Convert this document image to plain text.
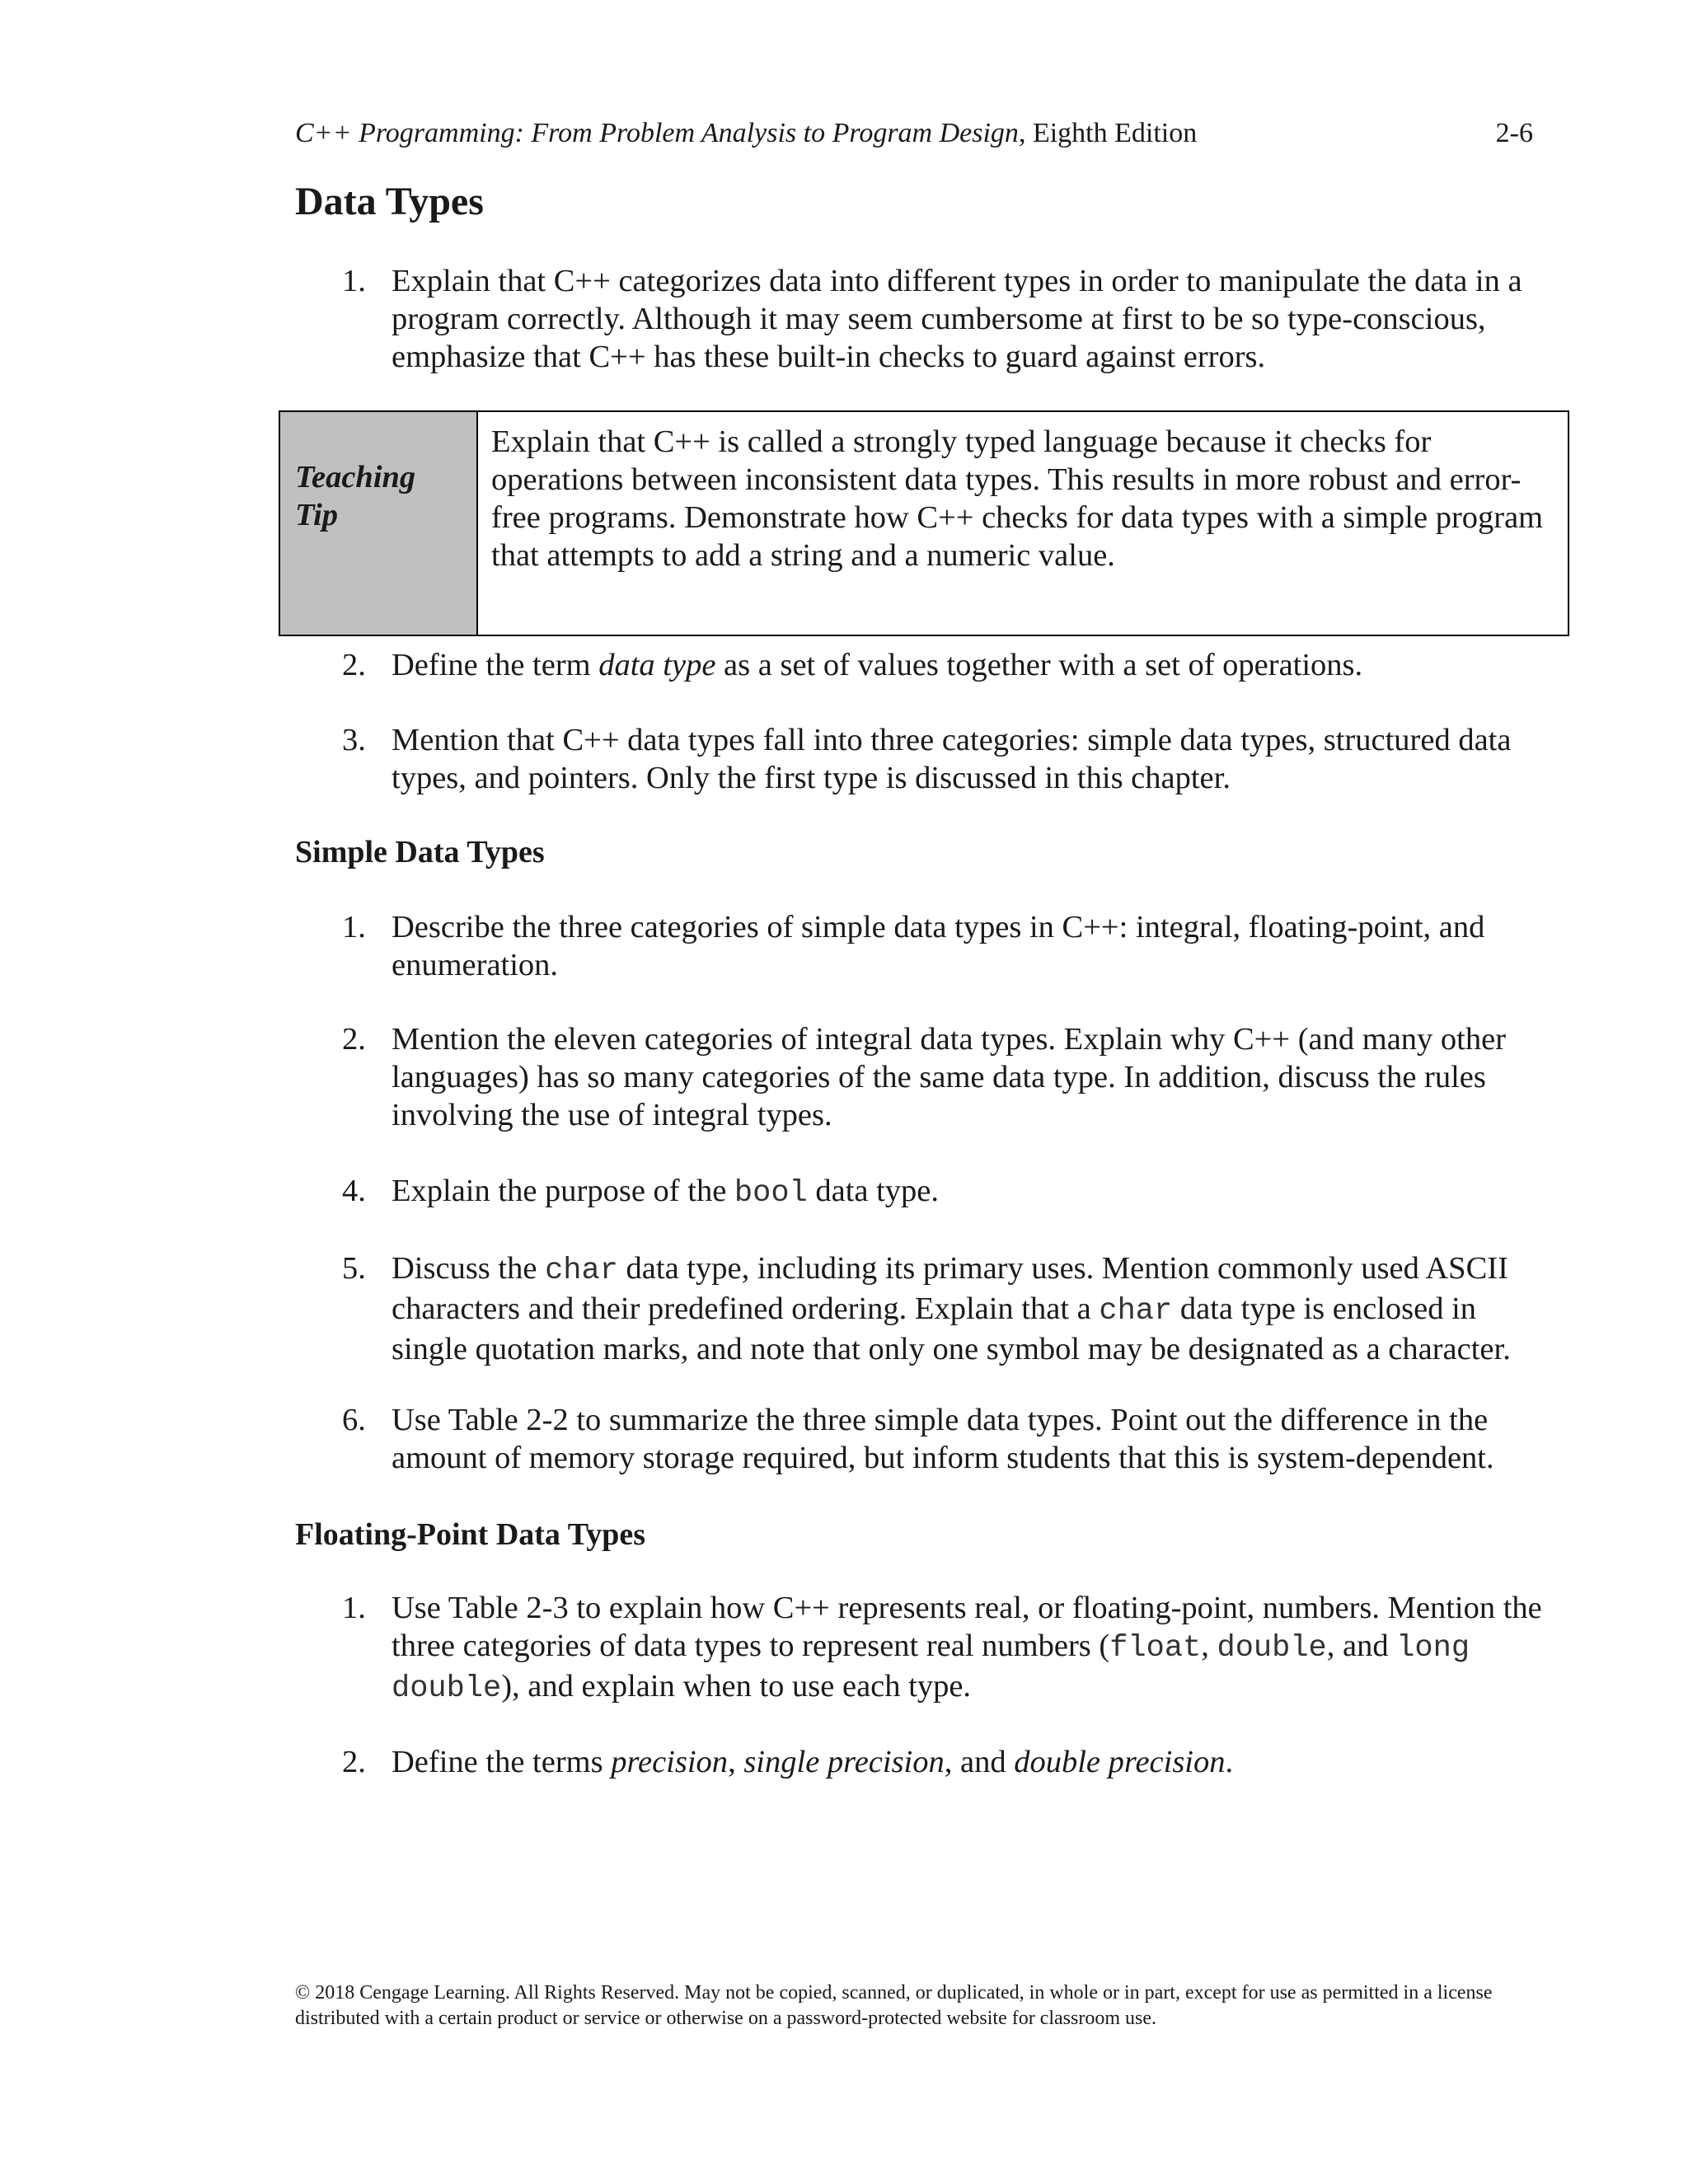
C++ Programming: From Problem Analysis to Program Design, Eighth Edition	2-6
Data Types
1. Explain that C++ categorizes data into different types in order to manipulate the data in a program correctly. Although it may seem cumbersome at first to be so type-conscious, emphasize that C++ has these built-in checks to guard against errors.
Teaching
Tip
Explain that C++ is called a strongly typed language because it checks for operations between inconsistent data types. This results in more robust and error-free programs. Demonstrate how C++ checks for data types with a simple program that attempts to add a string and a numeric value.
2. Define the term data type as a set of values together with a set of operations.
3. Mention that C++ data types fall into three categories: simple data types, structured data types, and pointers. Only the first type is discussed in this chapter.
Simple Data Types
1. Describe the three categories of simple data types in C++: integral, floating-point, and enumeration.
2. Mention the eleven categories of integral data types. Explain why C++ (and many other languages) has so many categories of the same data type. In addition, discuss the rules involving the use of integral types.
4. Explain the purpose of the bool data type.
5. Discuss the char data type, including its primary uses. Mention commonly used ASCII characters and their predefined ordering. Explain that a char data type is enclosed in single quotation marks, and note that only one symbol may be designated as a character.
6. Use Table 2-2 to summarize the three simple data types. Point out the difference in the amount of memory storage required, but inform students that this is system-dependent.
Floating-Point Data Types
1. Use Table 2-3 to explain how C++ represents real, or floating-point, numbers. Mention the three categories of data types to represent real numbers (float, double, and long double), and explain when to use each type.
2. Define the terms precision, single precision, and double precision.
© 2018 Cengage Learning. All Rights Reserved. May not be copied, scanned, or duplicated, in whole or in part, except for use as permitted in a license distributed with a certain product or service or otherwise on a password-protected website for classroom use.
